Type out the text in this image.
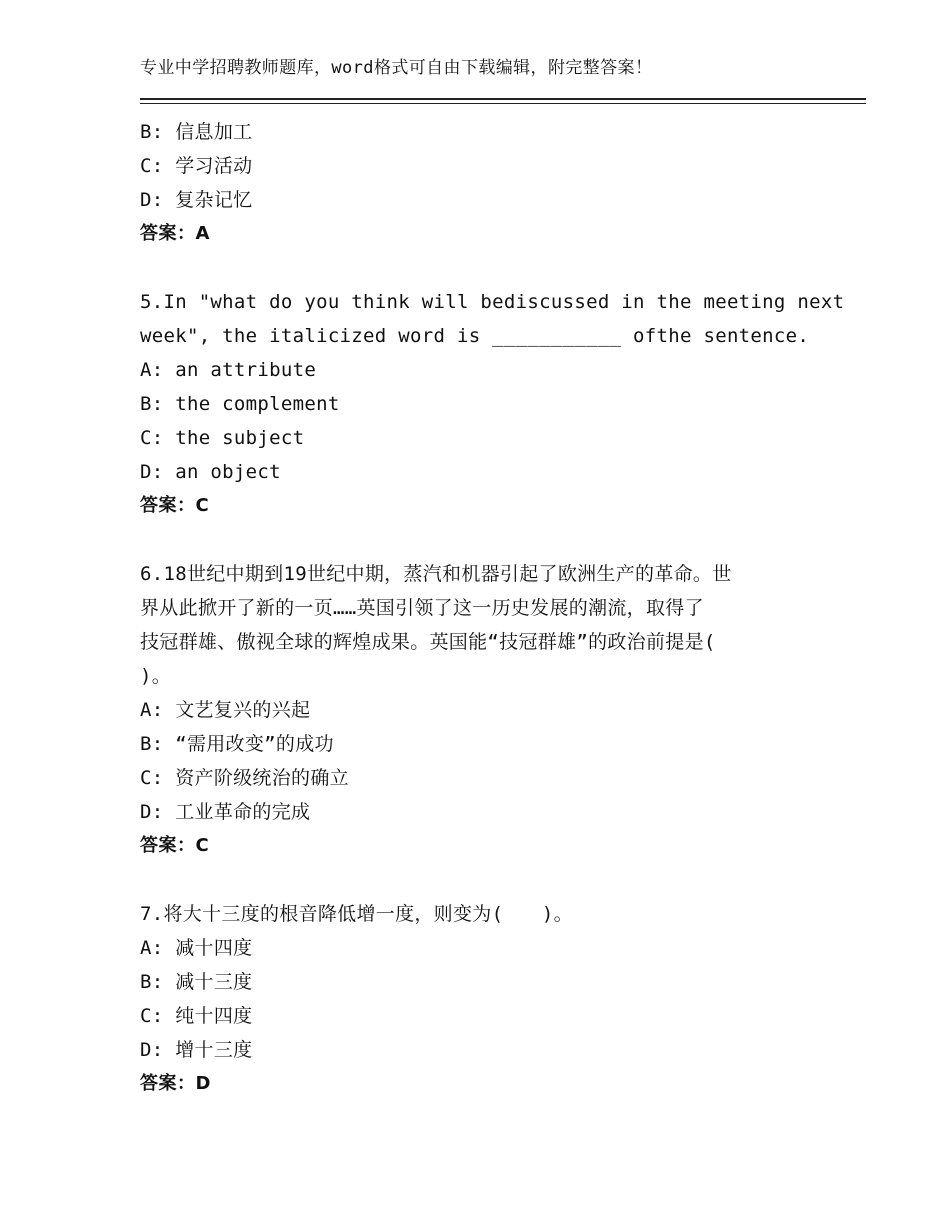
专业中学招聘教师题库，word格式可自由下载编辑，附完整答案！

B: 信息加工

C: 学习活动

D: 复杂记忆

答案：A

5.In "what do you think will bediscussed in the meeting next

week", the italicized word is ___________ ofthe sentence.

A: an attribute

B: the complement

C: the subject

D: an object

答案：C

6.18世纪中期到19世纪中期，蒸汽和机器引起了欧洲生产的革命。世

界从此掀开了新的一页……英国引领了这一历史发展的潮流，取得了

技冠群雄、傲视全球的辉煌成果。英国能“技冠群雄”的政治前提是(

)。

A: 文艺复兴的兴起

B: “需用改变”的成功

C: 资产阶级统治的确立

D: 工业革命的完成

答案：C

7.将大十三度的根音降低增一度，则变为(　　)。

A: 减十四度

B: 减十三度

C: 纯十四度

D: 增十三度

答案：D
